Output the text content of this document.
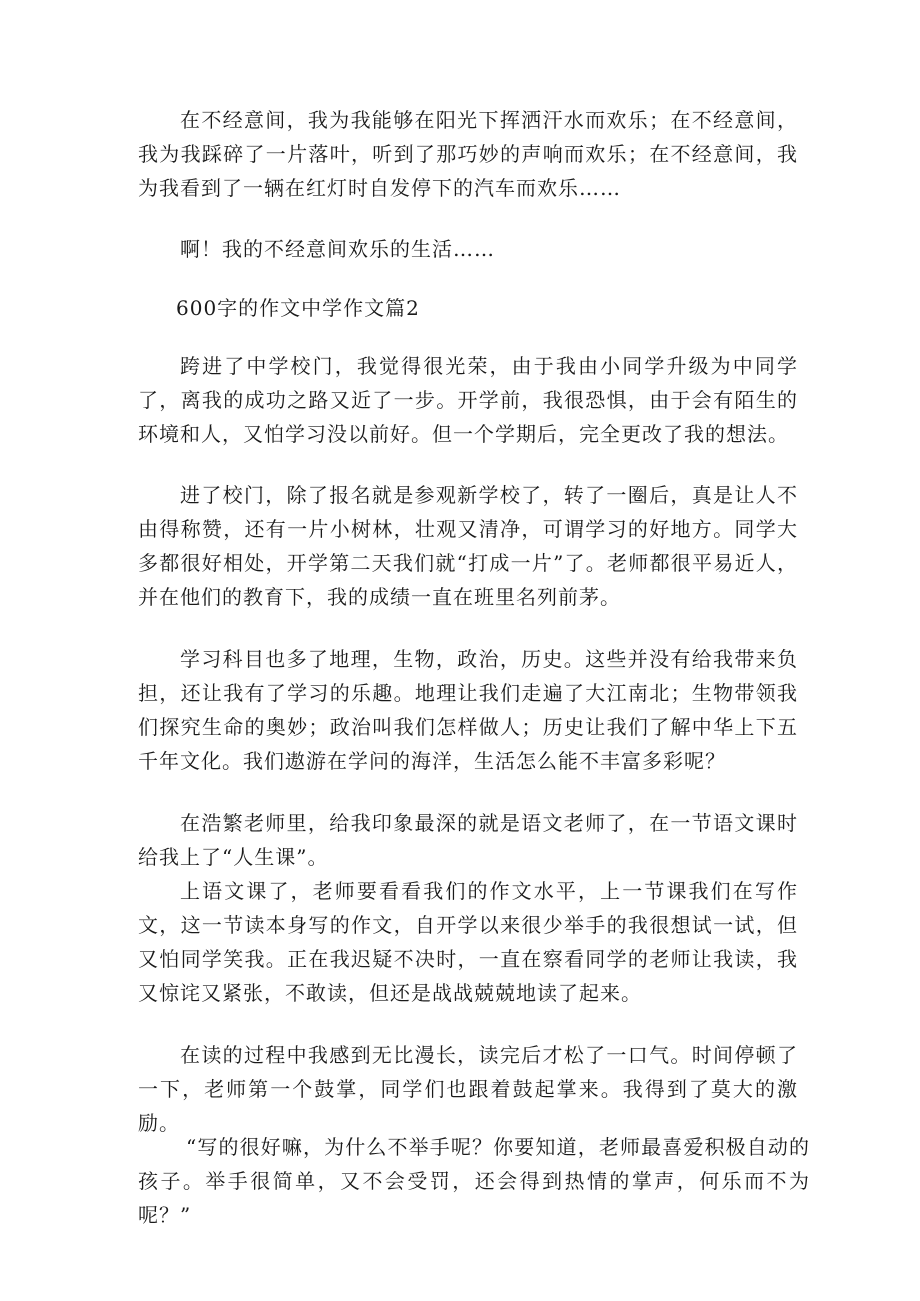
在不经意间，我为我能够在阳光下挥洒汗水而欢乐；在不经意间，我为我踩碎了一片落叶，听到了那巧妙的声响而欢乐；在不经意间，我为我看到了一辆在红灯时自发停下的汽车而欢乐……

啊！我的不经意间欢乐的生活……

600字的作文中学作文篇2

跨进了中学校门，我觉得很光荣，由于我由小同学升级为中同学了，离我的成功之路又近了一步。开学前，我很恐惧，由于会有陌生的环境和人，又怕学习没以前好。但一个学期后，完全更改了我的想法。

进了校门，除了报名就是参观新学校了，转了一圈后，真是让人不由得称赞，还有一片小树林，壮观又清净，可谓学习的好地方。同学大多都很好相处，开学第二天我们就“打成一片”了。老师都很平易近人，并在他们的教育下，我的成绩一直在班里名列前茅。

学习科目也多了地理，生物，政治，历史。这些并没有给我带来负担，还让我有了学习的乐趣。地理让我们走遍了大江南北；生物带领我们探究生命的奥妙；政治叫我们怎样做人；历史让我们了解中华上下五千年文化。我们遨游在学问的海洋，生活怎么能不丰富多彩呢？

在浩繁老师里，给我印象最深的就是语文老师了，在一节语文课时给我上了“人生课”。

上语文课了，老师要看看我们的作文水平，上一节课我们在写作文，这一节读本身写的作文，自开学以来很少举手的我很想试一试，但又怕同学笑我。正在我迟疑不决时，一直在察看同学的老师让我读，我又惊诧又紧张，不敢读，但还是战战兢兢地读了起来。

在读的过程中我感到无比漫长，读完后才松了一口气。时间停顿了一下，老师第一个鼓掌，同学们也跟着鼓起掌来。我得到了莫大的激励。

“写的很好嘛，为什么不举手呢？你要知道，老师最喜爱积极自动的孩子。举手很简单，又不会受罚，还会得到热情的掌声，何乐而不为呢？”
